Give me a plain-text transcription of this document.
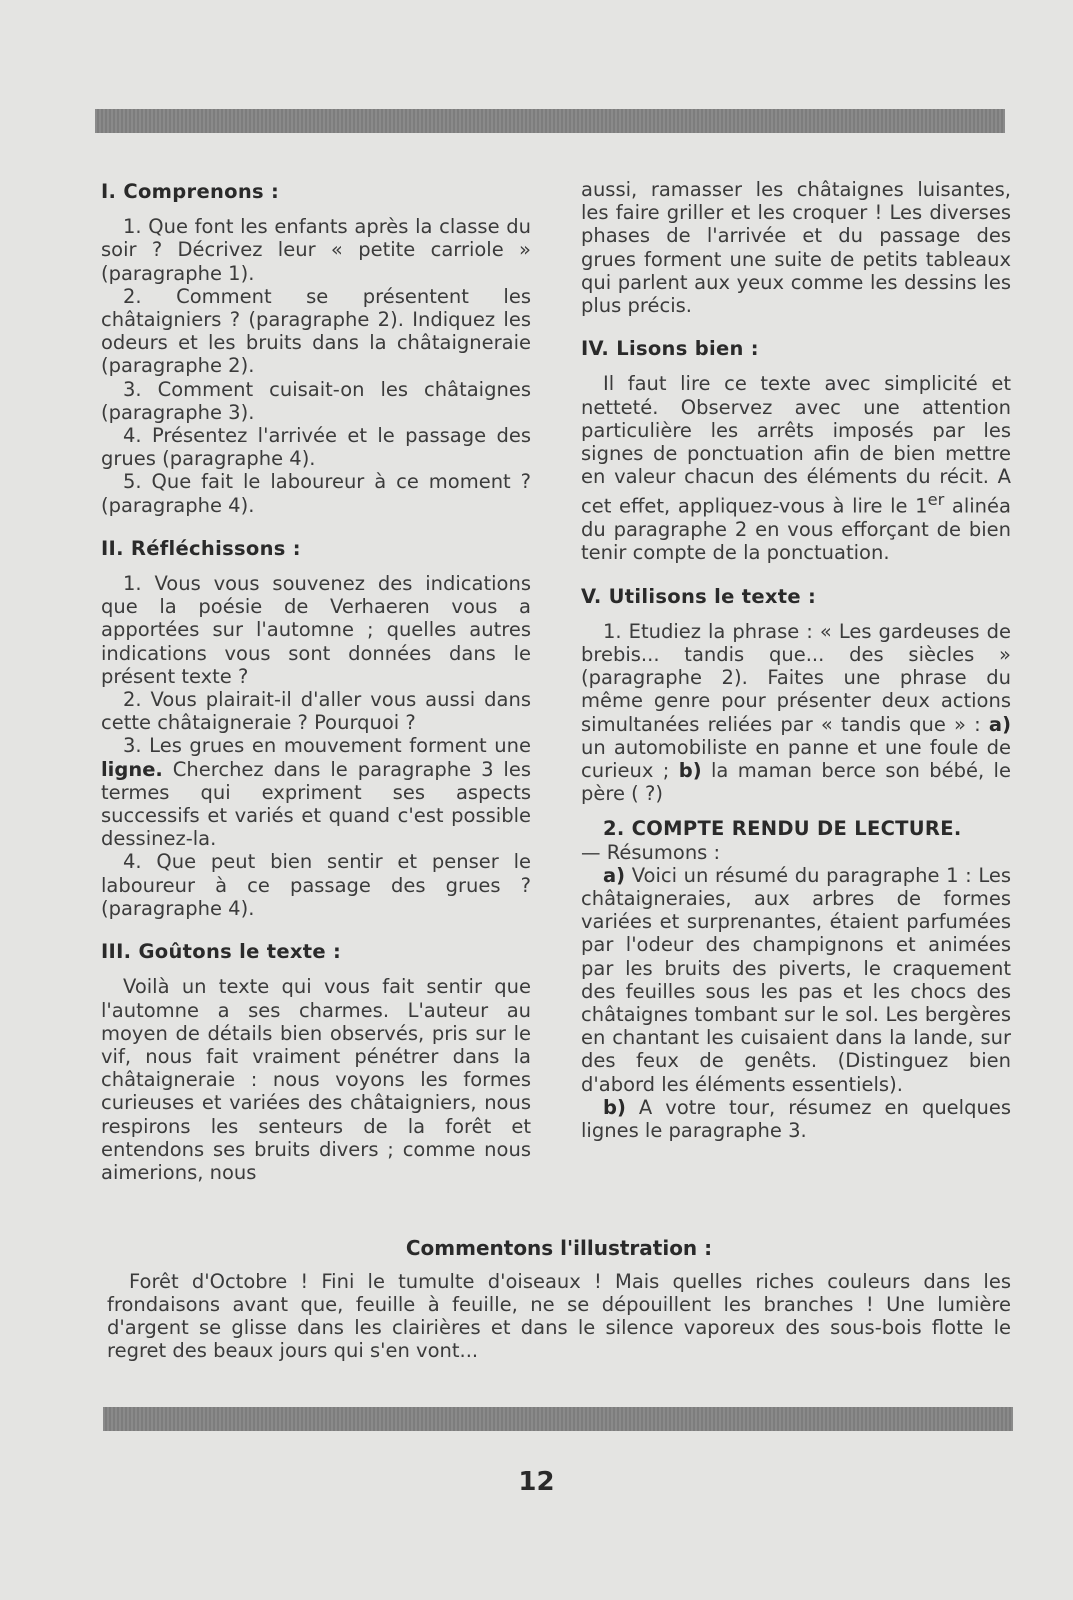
I. Comprenons :

1. Que font les enfants après la classe du soir ? Décrivez leur « petite carriole » (paragraphe 1).

2. Comment se présentent les châtaigniers ? (paragraphe 2). Indiquez les odeurs et les bruits dans la châtaigneraie (paragraphe 2).

3. Comment cuisait-on les châtaignes (paragraphe 3).

4. Présentez l'arrivée et le passage des grues (paragraphe 4).

5. Que fait le laboureur à ce moment ? (paragraphe 4).

II. Réfléchissons :

1. Vous vous souvenez des indications que la poésie de Verhaeren vous a apportées sur l'automne ; quelles autres indications vous sont données dans le présent texte ?

2. Vous plairait-il d'aller vous aussi dans cette châtaigneraie ? Pourquoi ?

3. Les grues en mouvement forment une ligne. Cherchez dans le paragraphe 3 les termes qui expriment ses aspects successifs et variés et quand c'est possible dessinez-la.

4. Que peut bien sentir et penser le laboureur à ce passage des grues ? (paragraphe 4).

III. Goûtons le texte :

Voilà un texte qui vous fait sentir que l'automne a ses charmes. L'auteur au moyen de détails bien observés, pris sur le vif, nous fait vraiment pénétrer dans la châtaigneraie : nous voyons les formes curieuses et variées des châtaigniers, nous respirons les senteurs de la forêt et entendons ses bruits divers ; comme nous aimerions, nous

aussi, ramasser les châtaignes luisantes, les faire griller et les croquer ! Les diverses phases de l'arrivée et du passage des grues forment une suite de petits tableaux qui parlent aux yeux comme les dessins les plus précis.

IV. Lisons bien :

Il faut lire ce texte avec simplicité et netteté. Observez avec une attention particulière les arrêts imposés par les signes de ponctuation afin de bien mettre en valeur chacun des éléments du récit. A cet effet, appliquez-vous à lire le 1er alinéa du paragraphe 2 en vous efforçant de bien tenir compte de la ponctuation.

V. Utilisons le texte :

1. Etudiez la phrase : « Les gardeuses de brebis... tandis que... des siècles » (paragraphe 2). Faites une phrase du même genre pour présenter deux actions simultanées reliées par « tandis que » : a) un automobiliste en panne et une foule de curieux ; b) la maman berce son bébé, le père ( ?)

2. COMPTE RENDU DE LECTURE.

— Résumons :

a) Voici un résumé du paragraphe 1 : Les châtaigneraies, aux arbres de formes variées et surprenantes, étaient parfumées par l'odeur des champignons et animées par les bruits des piverts, le craquement des feuilles sous les pas et les chocs des châtaignes tombant sur le sol. Les bergères en chantant les cuisaient dans la lande, sur des feux de genêts. (Distinguez bien d'abord les éléments essentiels).

b) A votre tour, résumez en quelques lignes le paragraphe 3.

Commentons l'illustration :

Forêt d'Octobre ! Fini le tumulte d'oiseaux ! Mais quelles riches couleurs dans les frondaisons avant que, feuille à feuille, ne se dépouillent les branches ! Une lumière d'argent se glisse dans les clairières et dans le silence vaporeux des sous-bois flotte le regret des beaux jours qui s'en vont...

12
